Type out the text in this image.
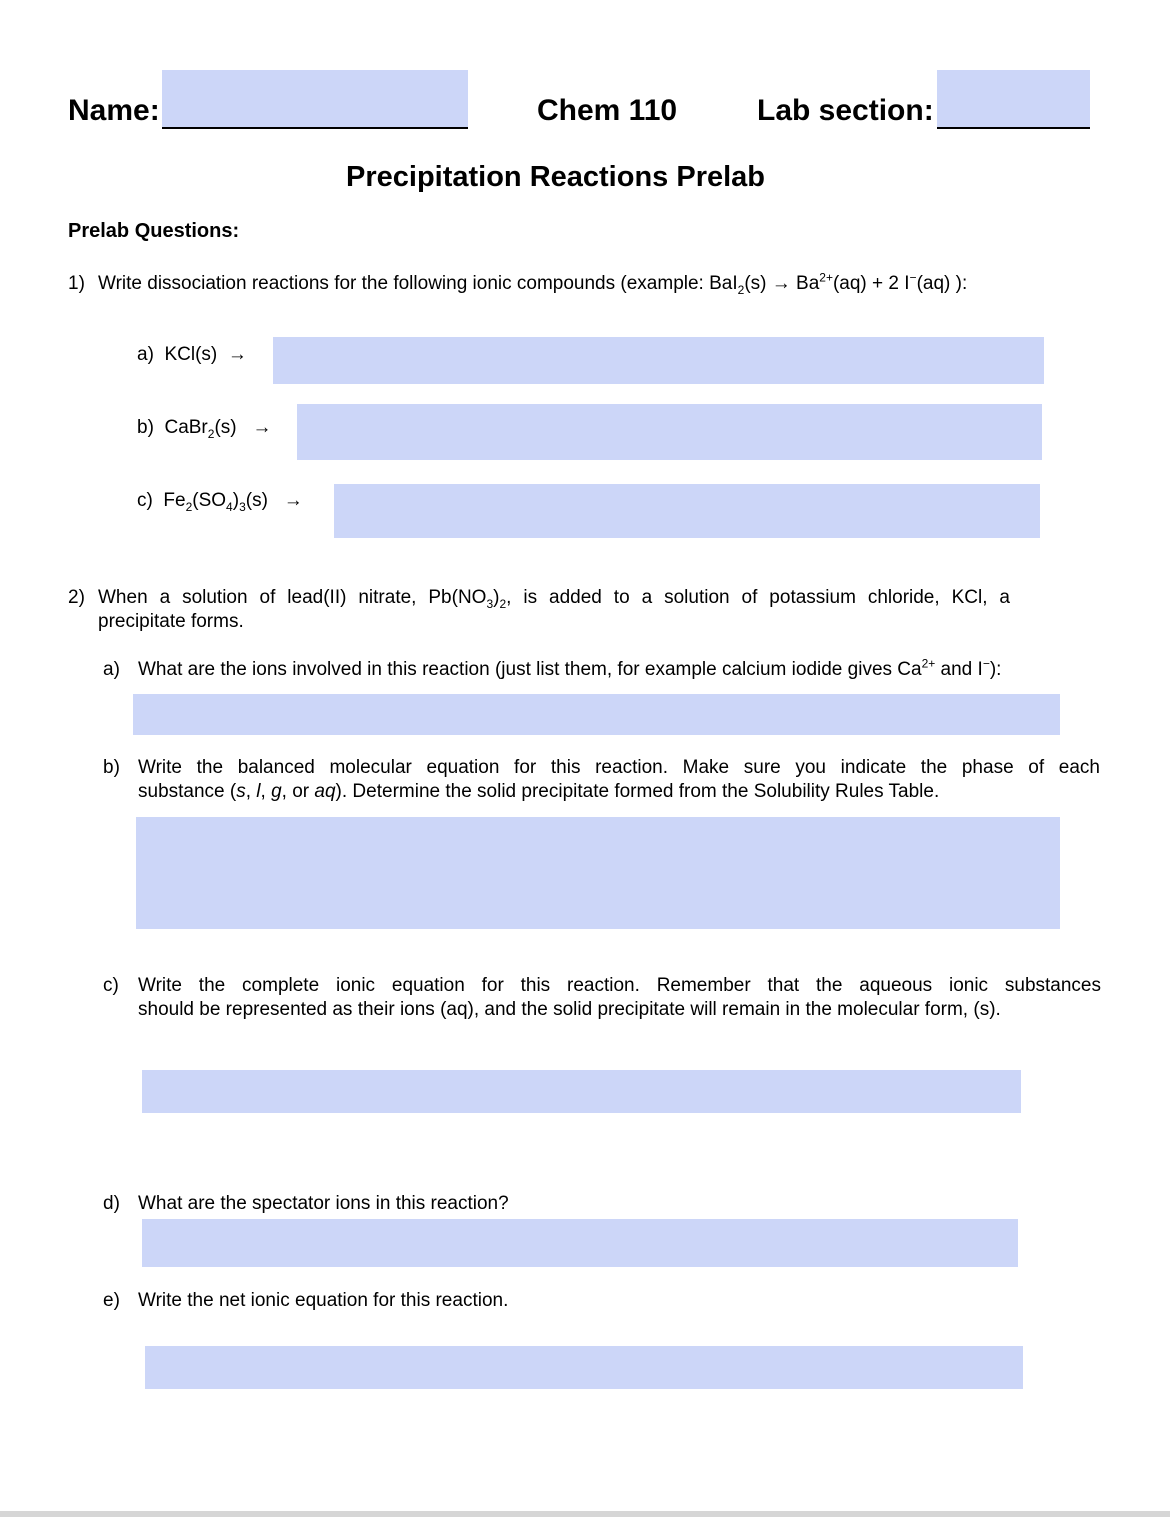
Name:	Chem 110	Lab section:
Precipitation Reactions Prelab
Prelab Questions:
1) Write dissociation reactions for the following ionic compounds (example: $BaI_2(s) \to Ba^{2+}(aq) + 2$ I−(aq) ):
a) KCl(s) →
b) CaBr$_2$(s) →
c) $Fe_2(SO_4)_3(s)$ →
2) When a solution of lead(II) nitrate, $Pb(NO_3)_2$, is added to a solution of potassium chloride, KCl, a
precipitate forms.
a) What are the ions involved in this reaction (just list them, for example calcium iodide gives $Ca^{2+}$ and I−):
b) Write the balanced molecular equation for this reaction. Make sure you indicate the phase of each
substance (s, l, g, or aq). Determine the solid precipitate formed from the Solubility Rules Table.
c) Write the complete ionic equation for this reaction. Remember that the aqueous ionic substances
should be represented as their ions (aq), and the solid precipitate will remain in the molecular form, (s).
d) What are the spectator ions in this reaction?
e) Write the net ionic equation for this reaction.
